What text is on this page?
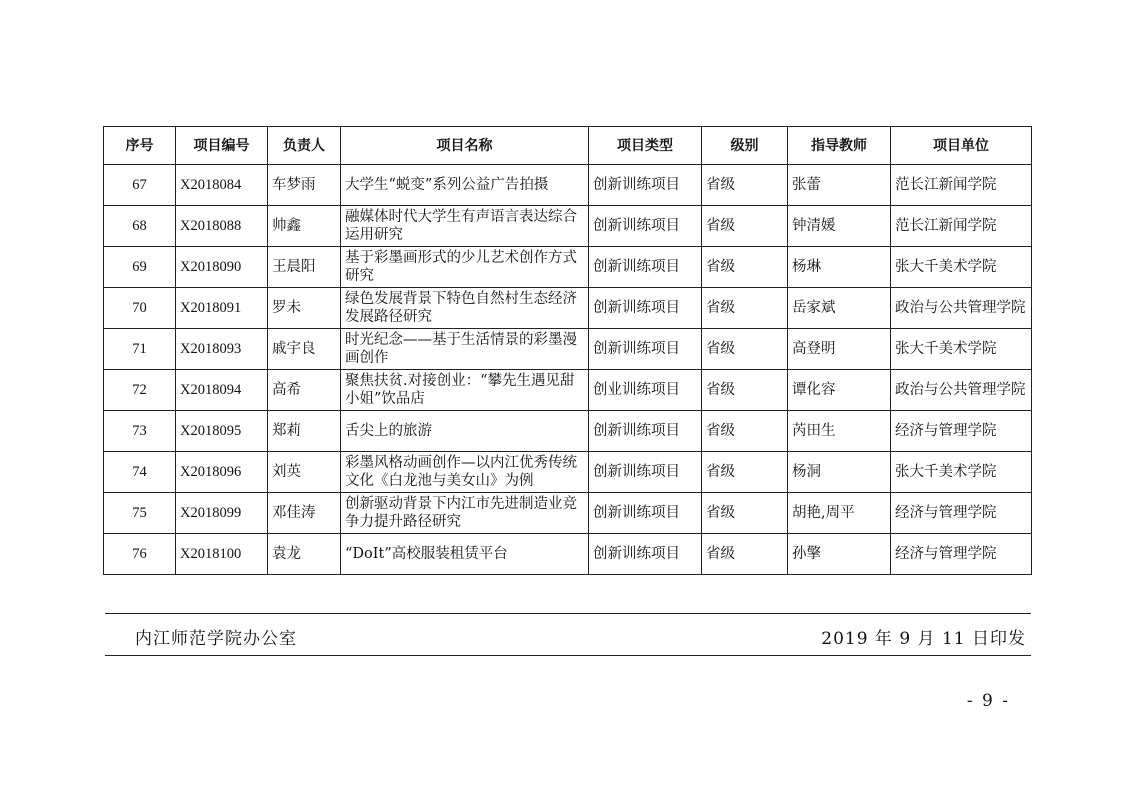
序号	项目编号	负责人	项目名称	项目类型	级别	指导教师	项目单位
67	X2018084	车梦雨	大学生“蜕变”系列公益广告拍摄	创新训练项目	省级	张蕾	范长江新闻学院
68	X2018088	帅鑫	融媒体时代大学生有声语言表达综合运用研究	创新训练项目	省级	钟清媛	范长江新闻学院
69	X2018090	王晨阳	基于彩墨画形式的少儿艺术创作方式研究	创新训练项目	省级	杨琳	张大千美术学院
70	X2018091	罗未	绿色发展背景下特色自然村生态经济发展路径研究	创新训练项目	省级	岳家斌	政治与公共管理学院
71	X2018093	戚宇良	时光纪念——基于生活情景的彩墨漫画创作	创新训练项目	省级	高登明	张大千美术学院
72	X2018094	高希	聚焦扶贫.对接创业：“攀先生遇见甜小姐”饮品店	创业训练项目	省级	谭化容	政治与公共管理学院
73	X2018095	郑莉	舌尖上的旅游	创新训练项目	省级	芮田生	经济与管理学院
74	X2018096	刘英	彩墨风格动画创作—以内江优秀传统文化《白龙池与美女山》为例	创新训练项目	省级	杨洞	张大千美术学院
75	X2018099	邓佳涛	创新驱动背景下内江市先进制造业竞争力提升路径研究	创新训练项目	省级	胡艳,周平	经济与管理学院
76	X2018100	袁龙	“DoIt”高校服装租赁平台	创新训练项目	省级	孙擎	经济与管理学院
内江师范学院办公室	2019 年 9 月 11 日印发
- 9 -
